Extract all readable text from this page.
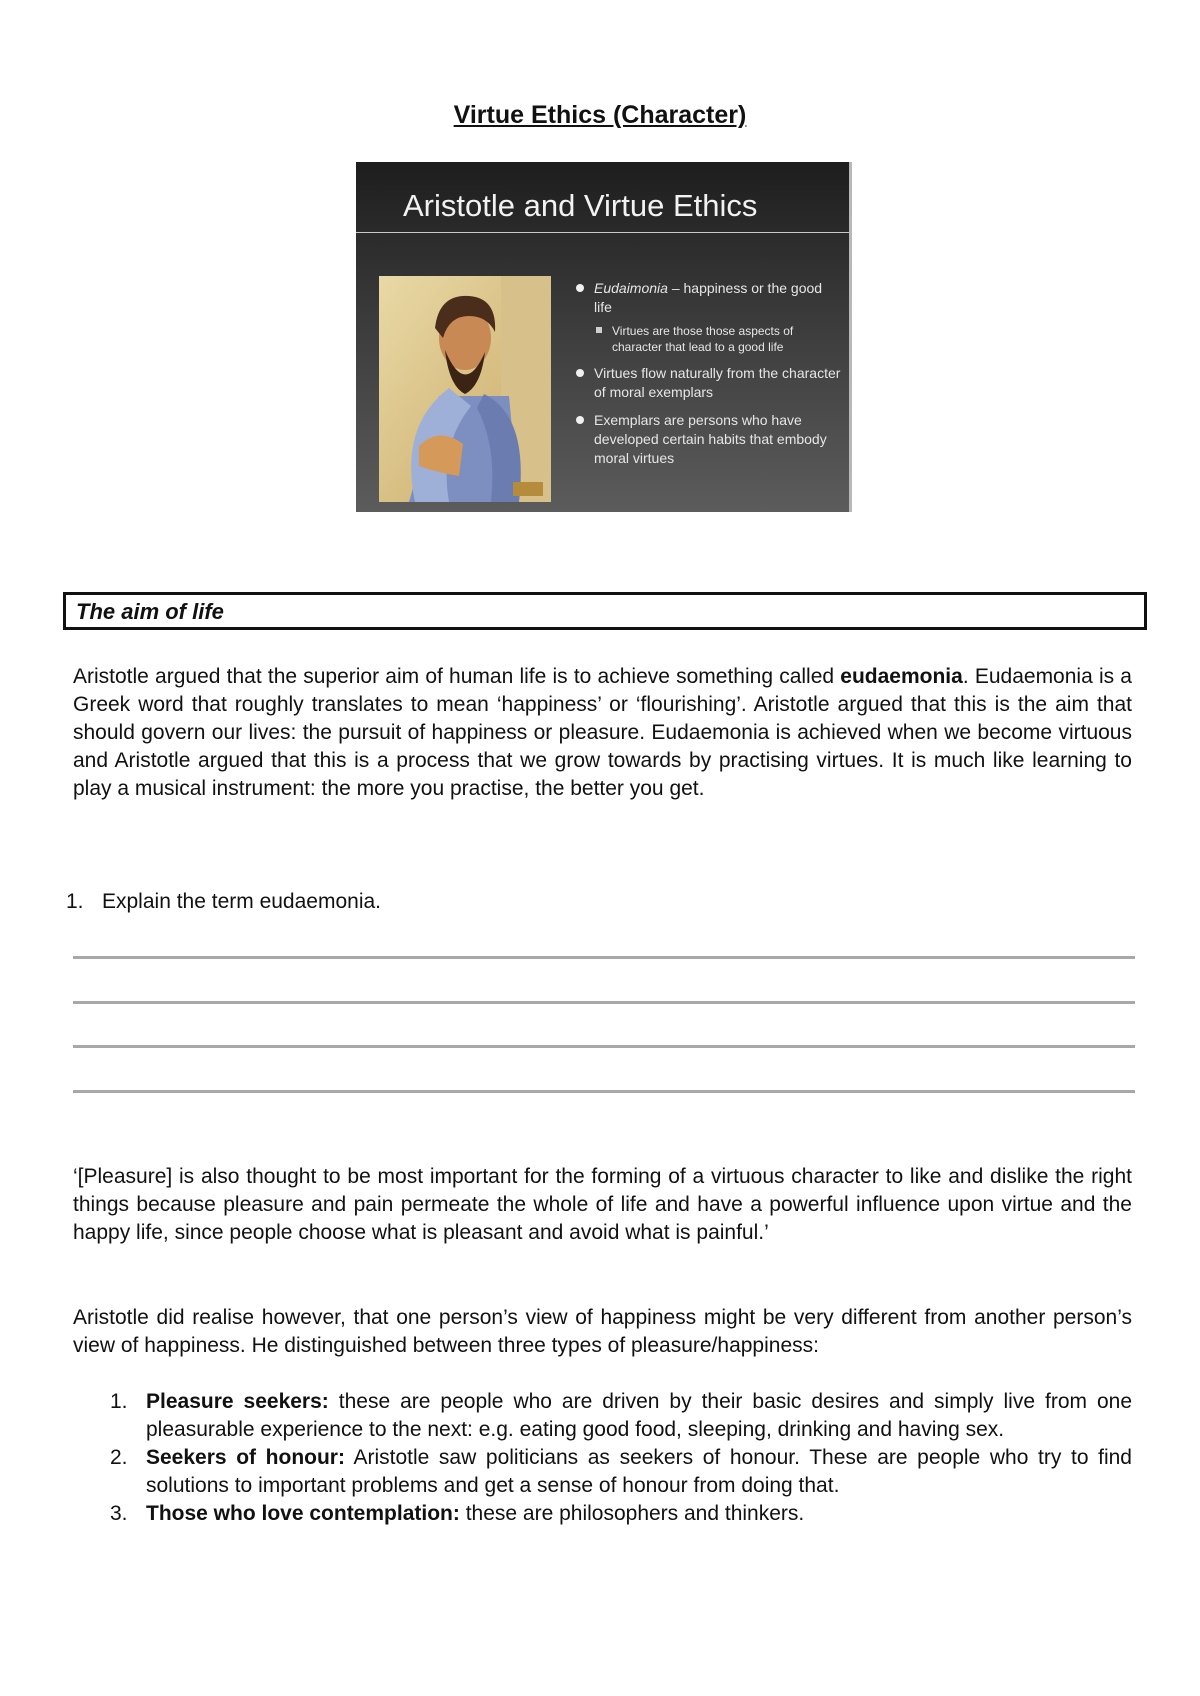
Virtue Ethics (Character)
Aristotle and Virtue Ethics
Eudaimonia – happiness or the good life
Virtues are those those aspects of character that lead to a good life
Virtues flow naturally from the character of moral exemplars
Exemplars are persons who have developed certain habits that embody moral virtues
The aim of life

Aristotle argued that the superior aim of human life is to achieve something called eudaemonia. Eudaemonia is a Greek word that roughly translates to mean ‘happiness’ or ‘flourishing’. Aristotle argued that this is the aim that should govern our lives: the pursuit of happiness or pleasure. Eudaemonia is achieved when we become virtuous and Aristotle argued that this is a process that we grow towards by practising virtues. It is much like learning to play a musical instrument: the more you practise, the better you get.

1. Explain the term eudaemonia.

‘[Pleasure] is also thought to be most important for the forming of a virtuous character to like and dislike the right things because pleasure and pain permeate the whole of life and have a powerful influence upon virtue and the happy life, since people choose what is pleasant and avoid what is painful.’

Aristotle did realise however, that one person’s view of happiness might be very different from another person’s view of happiness. He distinguished between three types of pleasure/happiness:

1. Pleasure seekers: these are people who are driven by their basic desires and simply live from one pleasurable experience to the next: e.g. eating good food, sleeping, drinking and having sex.
2. Seekers of honour: Aristotle saw politicians as seekers of honour. These are people who try to find solutions to important problems and get a sense of honour from doing that.
3. Those who love contemplation: these are philosophers and thinkers.
